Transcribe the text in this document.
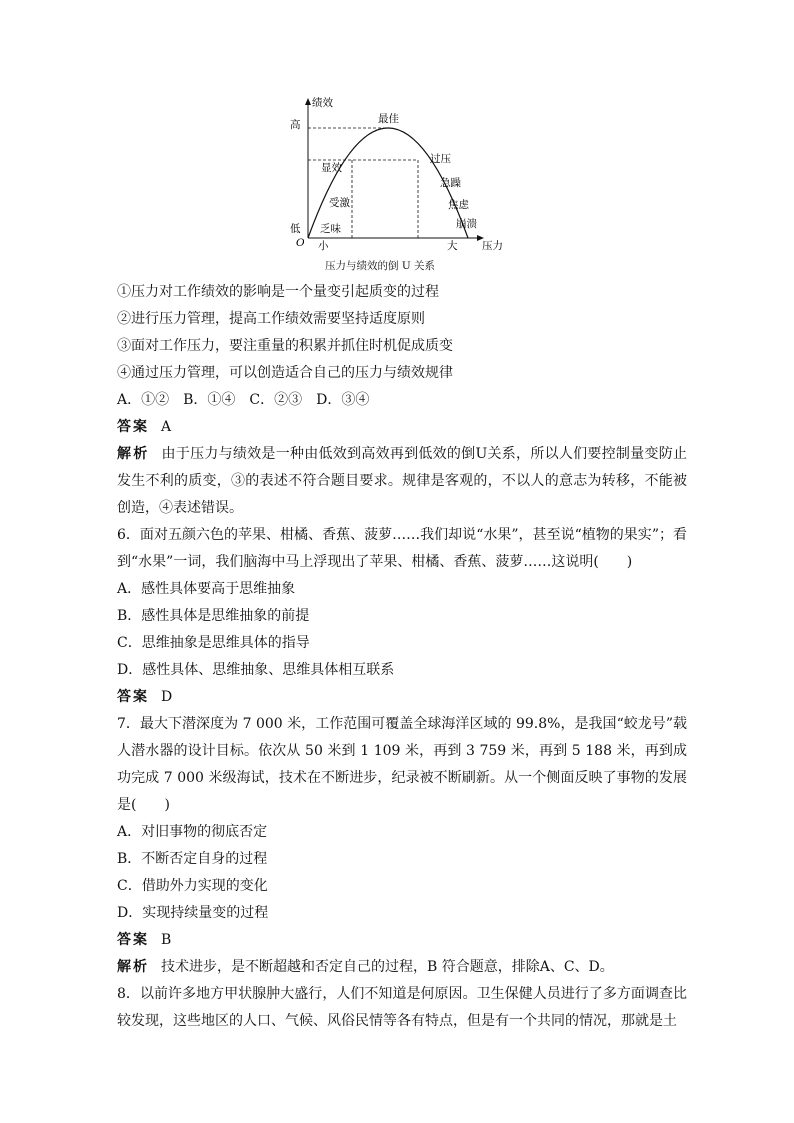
绩效
高
低
O 小	大 压力
最佳
显效
受激
乏味
过压
急躁
焦虑
崩溃
压力与绩效的倒 U 关系
①压力对工作绩效的影响是一个量变引起质变的过程
②进行压力管理，提高工作绩效需要坚持适度原则
③面对工作压力，要注重量的积累并抓住时机促成质变
④通过压力管理，可以创造适合自己的压力与绩效规律
A．①②　B．①④　C．②③　D．③④
答案 A
解析 由于压力与绩效是一种由低效到高效再到低效的倒U关系，所以人们要控制量变防止发生不利的质变，③的表述不符合题目要求。规律是客观的，不以人的意志为转移，不能被创造，④表述错误。
6．面对五颜六色的苹果、柑橘、香蕉、菠萝……我们却说“水果”，甚至说“植物的果实”；看到“水果”一词，我们脑海中马上浮现出了苹果、柑橘、香蕉、菠萝……这说明(　　)
A．感性具体要高于思维抽象
B．感性具体是思维抽象的前提
C．思维抽象是思维具体的指导
D．感性具体、思维抽象、思维具体相互联系
答案 D
7．最大下潜深度为 7 000 米，工作范围可覆盖全球海洋区域的 99.8%，是我国“蛟龙号”载人潜水器的设计目标。依次从 50 米到 1 109 米，再到 3 759 米，再到 5 188 米，再到成功完成 7 000 米级海试，技术在不断进步，纪录被不断刷新。从一个侧面反映了事物的发展是(　　)
A．对旧事物的彻底否定
B．不断否定自身的过程
C．借助外力实现的变化
D．实现持续量变的过程
答案 B
解析 技术进步，是不断超越和否定自己的过程，B 符合题意，排除A、C、D。
8．以前许多地方甲状腺肿大盛行，人们不知道是何原因。卫生保健人员进行了多方面调查比较发现，这些地区的人口、气候、风俗民情等各有特点，但是有一个共同的情况，那就是土
